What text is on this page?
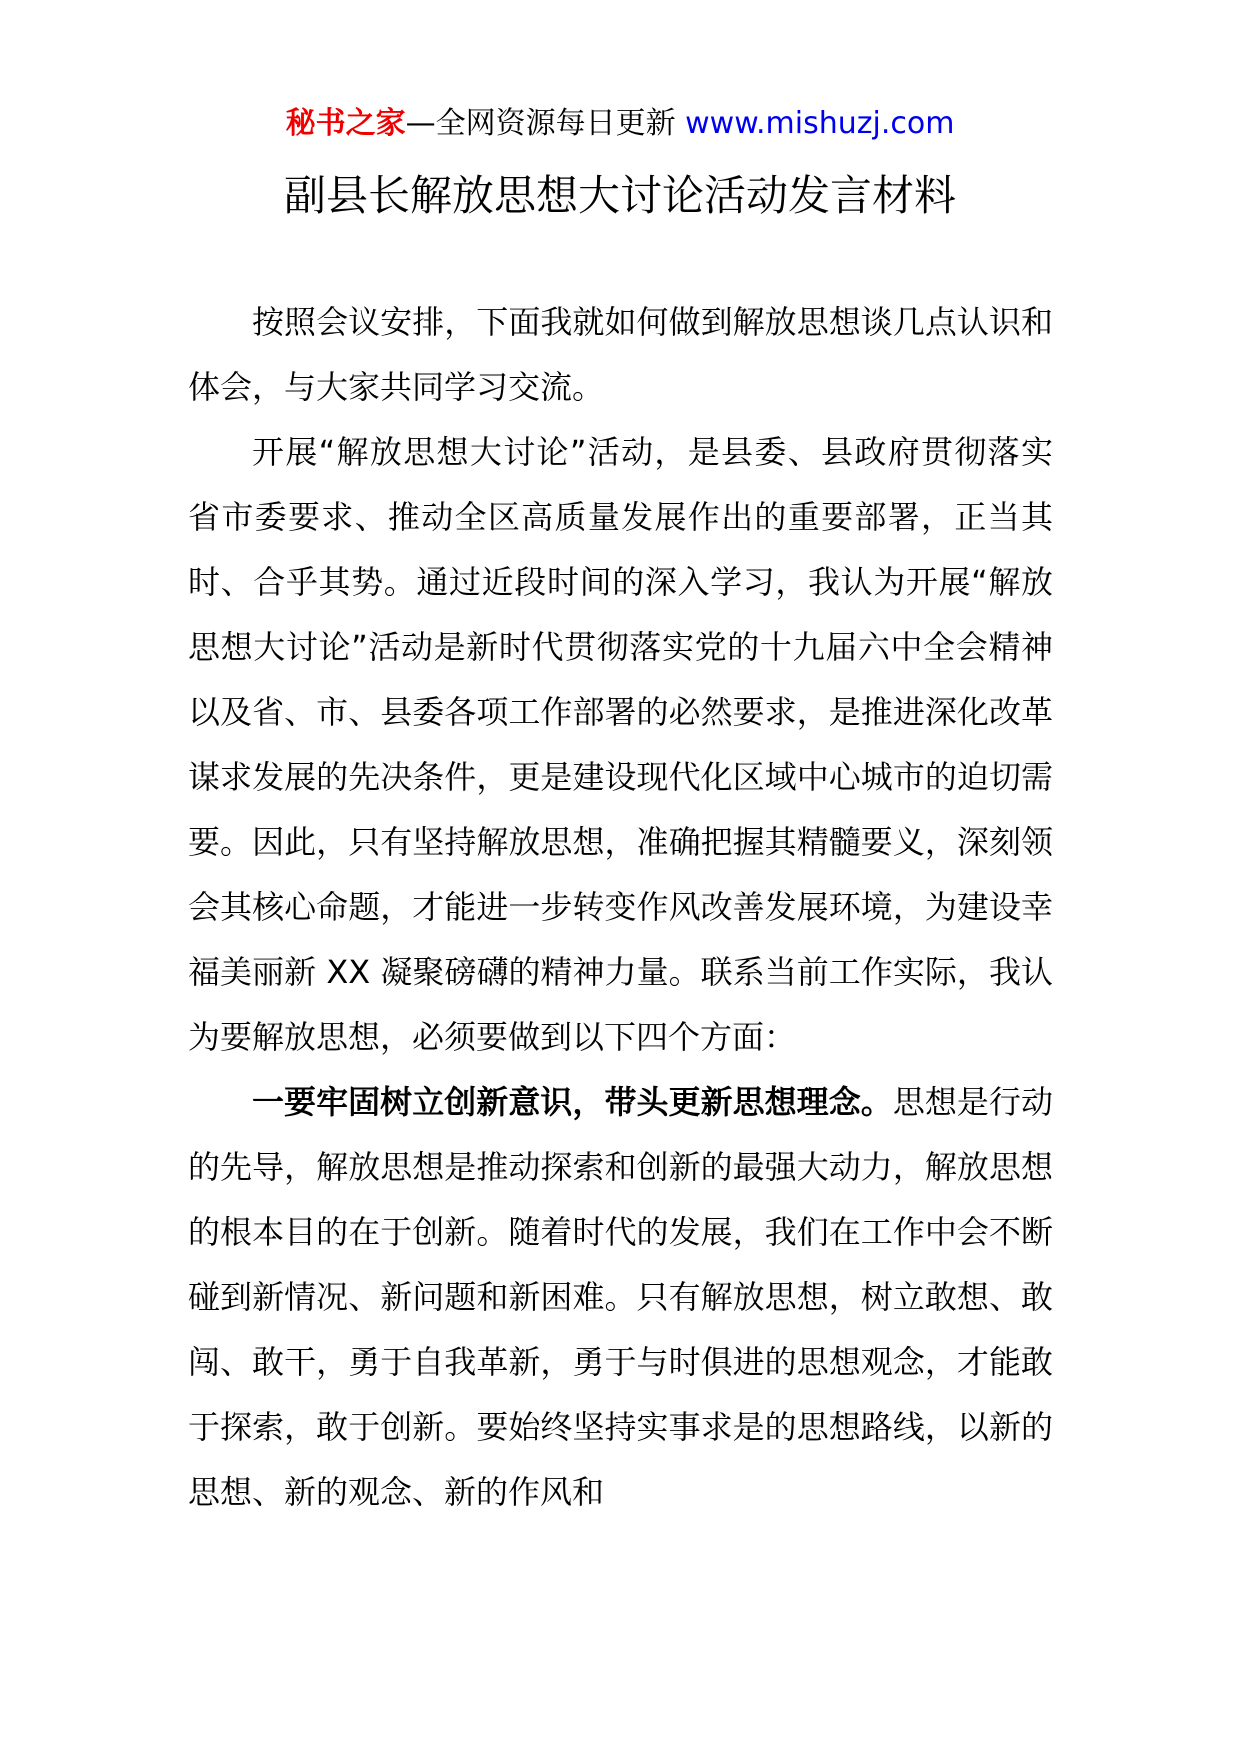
秘书之家—全网资源每日更新 www.mishuzj.com
副县长解放思想大讨论活动发言材料

按照会议安排，下面我就如何做到解放思想谈几点认识和体会，与大家共同学习交流。

开展“解放思想大讨论”活动，是县委、县政府贯彻落实省市委要求、推动全区高质量发展作出的重要部署，正当其时、合乎其势。通过近段时间的深入学习，我认为开展“解放思想大讨论”活动是新时代贯彻落实党的十九届六中全会精神以及省、市、县委各项工作部署的必然要求，是推进深化改革谋求发展的先决条件，更是建设现代化区域中心城市的迫切需要。因此，只有坚持解放思想，准确把握其精髓要义，深刻领会其核心命题，才能进一步转变作风改善发展环境，为建设幸福美丽新 XX 凝聚磅礴的精神力量。联系当前工作实际，我认为要解放思想，必须要做到以下四个方面：

一要牢固树立创新意识，带头更新思想理念。思想是行动的先导，解放思想是推动探索和创新的最强大动力，解放思想的根本目的在于创新。随着时代的发展，我们在工作中会不断碰到新情况、新问题和新困难。只有解放思想，树立敢想、敢闯、敢干，勇于自我革新，勇于与时俱进的思想观念，才能敢于探索，敢于创新。要始终坚持实事求是的思想路线，以新的思想、新的观念、新的作风和
